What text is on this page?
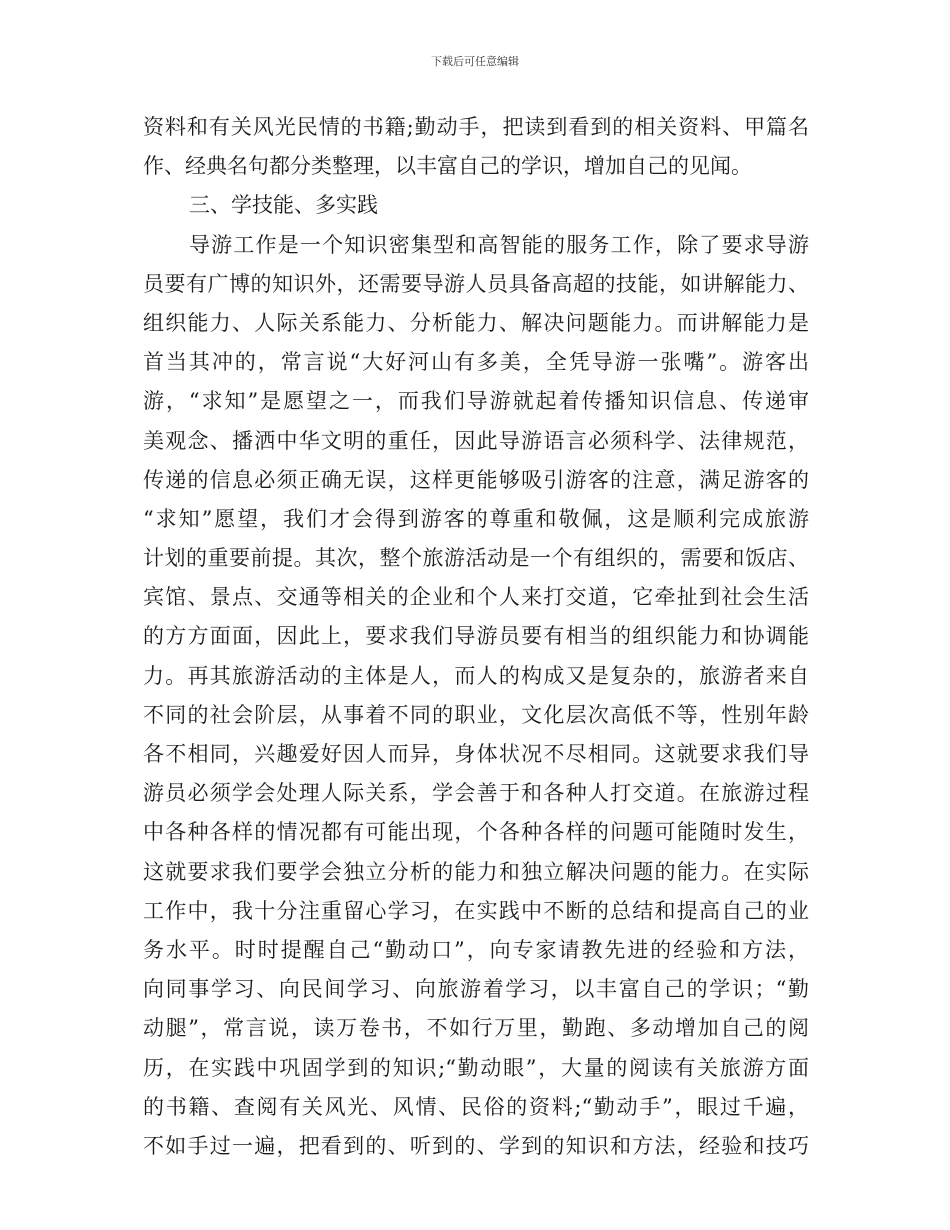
下载后可任意编辑
资料和有关风光民情的书籍;勤动手，把读到看到的相关资料、甲篇名
作、经典名句都分类整理，以丰富自己的学识，增加自己的见闻。
三、学技能、多实践
导游工作是一个知识密集型和高智能的服务工作，除了要求导游
员要有广博的知识外，还需要导游人员具备高超的技能，如讲解能力、
组织能力、人际关系能力、分析能力、解决问题能力。而讲解能力是
首当其冲的，常言说“大好河山有多美，全凭导游一张嘴”。游客出
游，“求知”是愿望之一，而我们导游就起着传播知识信息、传递审
美观念、播洒中华文明的重任，因此导游语言必须科学、法律规范，
传递的信息必须正确无误，这样更能够吸引游客的注意，满足游客的
“求知”愿望，我们才会得到游客的尊重和敬佩，这是顺利完成旅游
计划的重要前提。其次，整个旅游活动是一个有组织的，需要和饭店、
宾馆、景点、交通等相关的企业和个人来打交道，它牵扯到社会生活
的方方面面，因此上，要求我们导游员要有相当的组织能力和协调能
力。再其旅游活动的主体是人，而人的构成又是复杂的，旅游者来自
不同的社会阶层，从事着不同的职业，文化层次高低不等，性别年龄
各不相同，兴趣爱好因人而异，身体状况不尽相同。这就要求我们导
游员必须学会处理人际关系，学会善于和各种人打交道。在旅游过程
中各种各样的情况都有可能出现，个各种各样的问题可能随时发生，
这就要求我们要学会独立分析的能力和独立解决问题的能力。在实际
工作中，我十分注重留心学习，在实践中不断的总结和提高自己的业
务水平。时时提醒自己“勤动口”，向专家请教先进的经验和方法，
向同事学习、向民间学习、向旅游着学习，以丰富自己的学识；“勤
动腿”，常言说，读万卷书，不如行万里，勤跑、多动增加自己的阅
历，在实践中巩固学到的知识;“勤动眼”，大量的阅读有关旅游方面
的书籍、查阅有关风光、风情、民俗的资料;“勤动手”，眼过千遍，
不如手过一遍，把看到的、听到的、学到的知识和方法，经验和技巧
